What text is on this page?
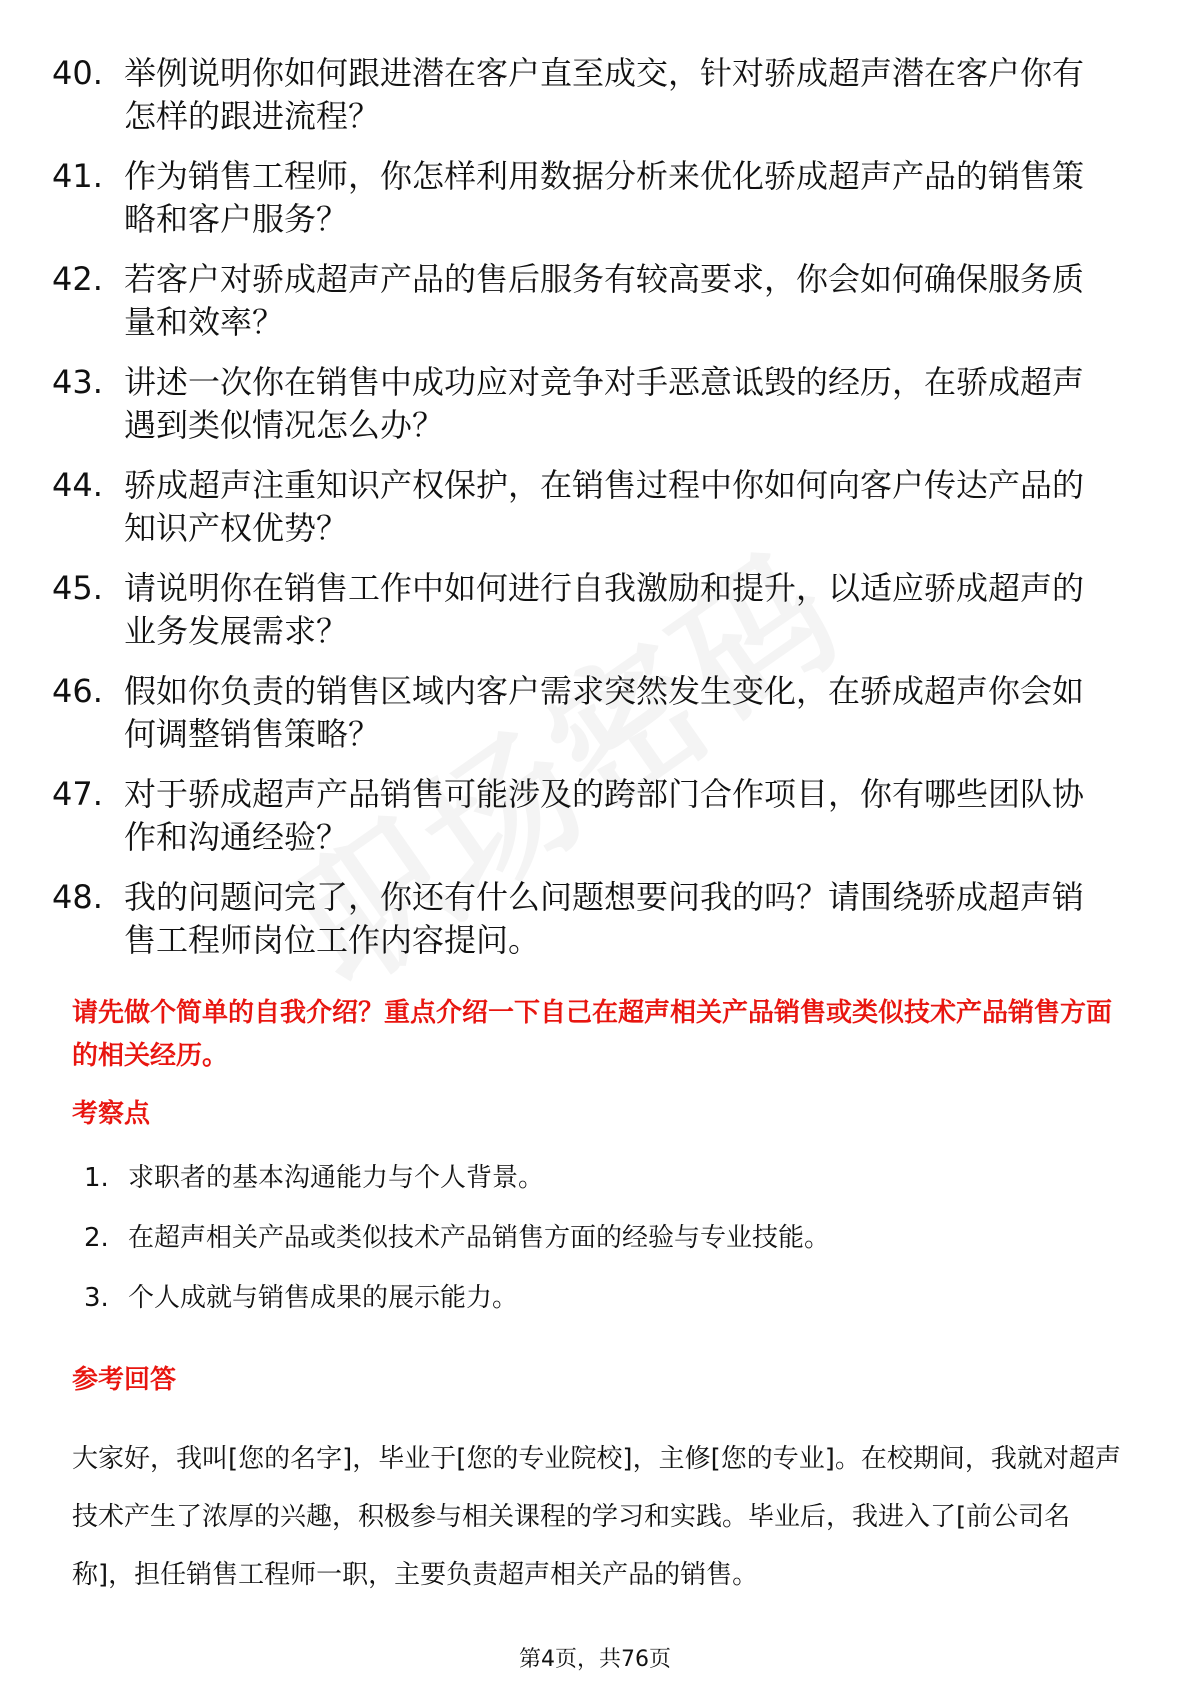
40. 举例说明你如何跟进潜在客户直至成交，针对骄成超声潜在客户你有怎样的跟进流程？
41. 作为销售工程师，你怎样利用数据分析来优化骄成超声产品的销售策略和客户服务？
42. 若客户对骄成超声产品的售后服务有较高要求，你会如何确保服务质量和效率？
43. 讲述一次你在销售中成功应对竞争对手恶意诋毁的经历，在骄成超声遇到类似情况怎么办？
44. 骄成超声注重知识产权保护，在销售过程中你如何向客户传达产品的知识产权优势？
45. 请说明你在销售工作中如何进行自我激励和提升，以适应骄成超声的业务发展需求？
46. 假如你负责的销售区域内客户需求突然发生变化，在骄成超声你会如何调整销售策略？
47. 对于骄成超声产品销售可能涉及的跨部门合作项目，你有哪些团队协作和沟通经验？
48. 我的问题问完了，你还有什么问题想要问我的吗？请围绕骄成超声销售工程师岗位工作内容提问。
请先做个简单的自我介绍？重点介绍一下自己在超声相关产品销售或类似技术产品销售方面的相关经历。
考察点
1. 求职者的基本沟通能力与个人背景。
2. 在超声相关产品或类似技术产品销售方面的经验与专业技能。
3. 个人成就与销售成果的展示能力。
参考回答
大家好，我叫[您的名字]，毕业于[您的专业院校]，主修[您的专业]。在校期间，我就对超声技术产生了浓厚的兴趣，积极参与相关课程的学习和实践。毕业后，我进入了[前公司名称]，担任销售工程师一职，主要负责超声相关产品的销售。
第4页，共76页
